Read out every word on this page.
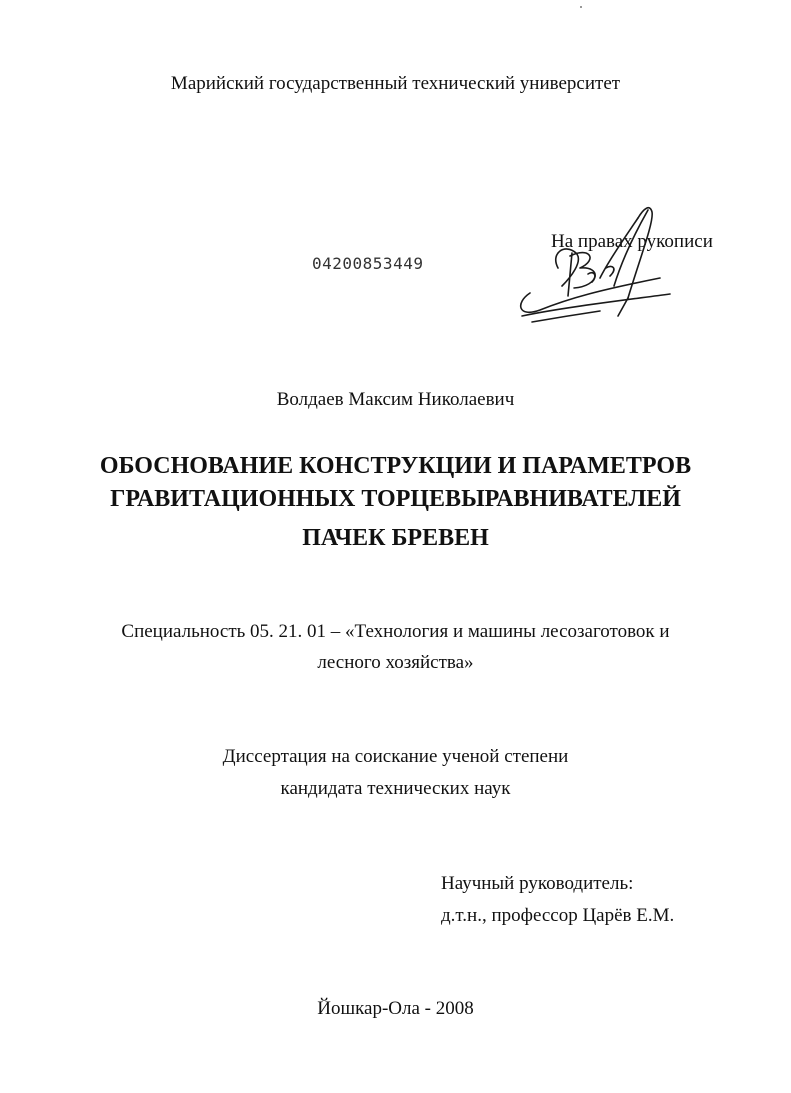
Марийский государственный технический университет
04200853449
На правах рукописи
Волдаев Максим Николаевич
ОБОСНОВАНИЕ КОНСТРУКЦИИ И ПАРАМЕТРОВ
ГРАВИТАЦИОННЫХ ТОРЦЕВЫРАВНИВАТЕЛЕЙ
ПАЧЕК БРЕВЕН
Специальность 05. 21. 01 – «Технология и машины лесозаготовок и
лесного хозяйства»
Диссертация на соискание ученой степени
кандидата технических наук
Научный руководитель:
д.т.н., профессор Царёв Е.М.
Йошкар-Ола - 2008
